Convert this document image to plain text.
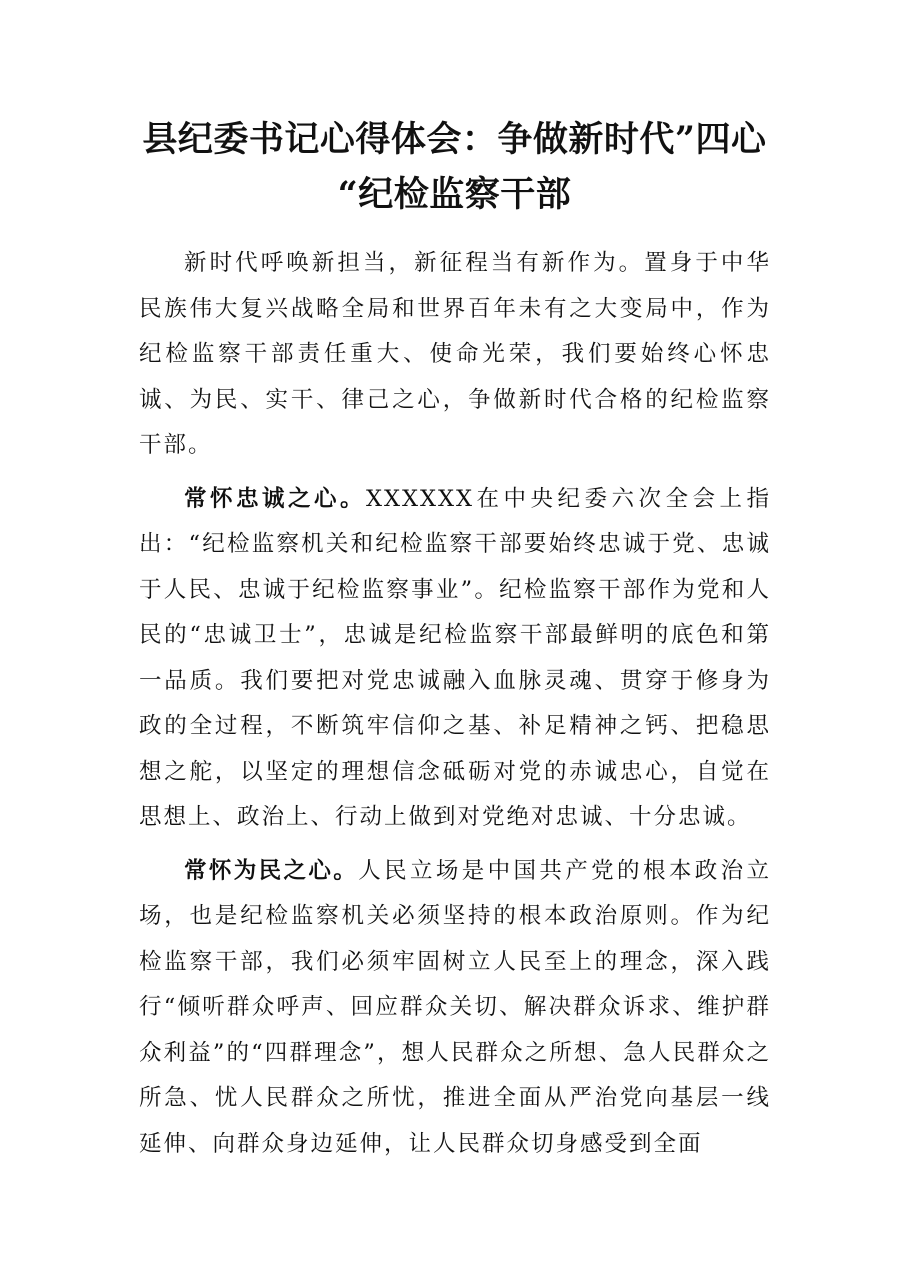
县纪委书记心得体会：争做新时代”四心
“纪检监察干部

新时代呼唤新担当，新征程当有新作为。置身于中华民族伟大复兴战略全局和世界百年未有之大变局中，作为纪检监察干部责任重大、使命光荣，我们要始终心怀忠诚、为民、实干、律己之心，争做新时代合格的纪检监察干部。

常怀忠诚之心。XXXXXX在中央纪委六次全会上指出：“纪检监察机关和纪检监察干部要始终忠诚于党、忠诚于人民、忠诚于纪检监察事业”。纪检监察干部作为党和人民的“忠诚卫士”，忠诚是纪检监察干部最鲜明的底色和第一品质。我们要把对党忠诚融入血脉灵魂、贯穿于修身为政的全过程，不断筑牢信仰之基、补足精神之钙、把稳思想之舵，以坚定的理想信念砥砺对党的赤诚忠心，自觉在思想上、政治上、行动上做到对党绝对忠诚、十分忠诚。

常怀为民之心。人民立场是中国共产党的根本政治立场，也是纪检监察机关必须坚持的根本政治原则。作为纪检监察干部，我们必须牢固树立人民至上的理念，深入践行“倾听群众呼声、回应群众关切、解决群众诉求、维护群众利益”的“四群理念”，想人民群众之所想、急人民群众之所急、忧人民群众之所忧，推进全面从严治党向基层一线延伸、向群众身边延伸，让人民群众切身感受到全面
